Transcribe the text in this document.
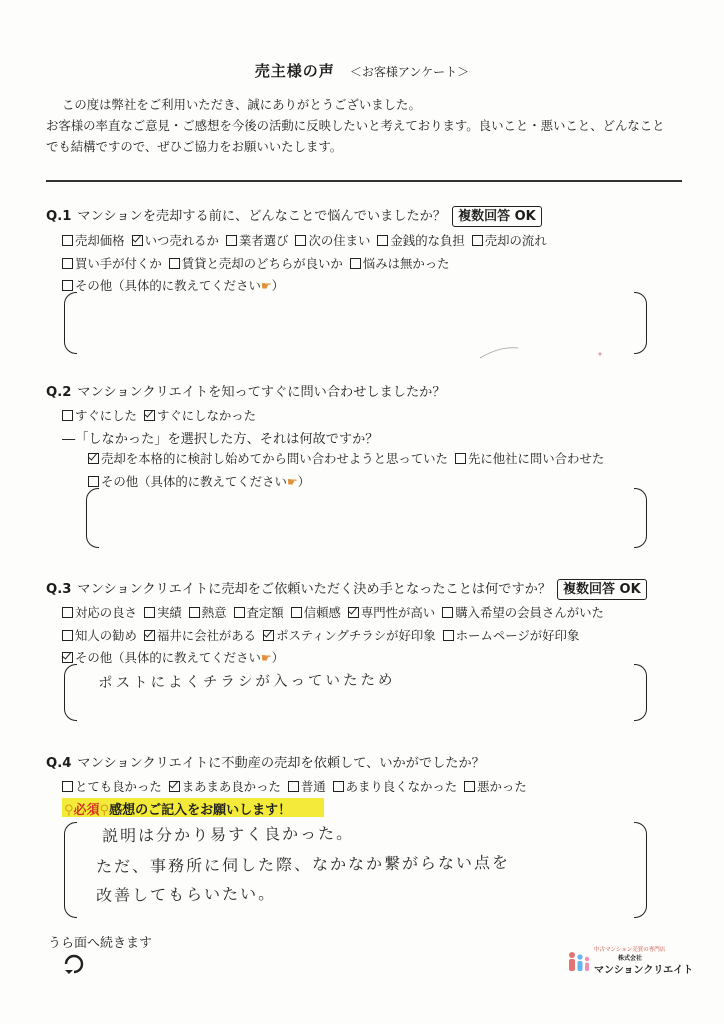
売主様の声 ＜お客様アンケート＞
この度は弊社をご利用いただき、誠にありがとうございました。
お客様の率直なご意見・ご感想を今後の活動に反映したいと考えております。良いこと・悪いこと、どんなこと
でも結構ですので、ぜひご協力をお願いいたします。
Q.1 マンションを売却する前に、どんなことで悩んでいましたか？ 複数回答 OK
売却価格 いつ売れるか 業者選び 次の住まい 金銭的な負担 売却の流れ
買い手が付くか 賃貸と売却のどちらが良いか 悩みは無かった
その他（具体的に教えてください☛）
Q.2 マンションクリエイトを知ってすぐに問い合わせしましたか？
すぐにした すぐにしなかった
―「しなかった」を選択した方、それは何故ですか？
売却を本格的に検討し始めてから問い合わせようと思っていた 先に他社に問い合わせた
その他（具体的に教えてください☛）
Q.3 マンションクリエイトに売却をご依頼いただく決め手となったことは何ですか？ 複数回答 OK
対応の良さ 実績 熱意 査定額 信頼感 専門性が高い 購入希望の会員さんがいた
知人の勧め 福井に会社がある ポスティングチラシが好印象 ホームページが好印象
その他（具体的に教えてください☛）
ポストによくチラシが入っていたため
Q.4 マンションクリエイトに不動産の売却を依頼して、いかがでしたか？
とても良かった まあまあ良かった 普通 あまり良くなかった 悪かった
⚲必須⚲感想のご記入をお願いします！
説明は分かり易すく良かった。
ただ、事務所に伺した際、なかなか繋がらない点を
改善してもらいたい。
うら面へ続きます	中古マンション売買の専門店
株式会社
マンションクリエイト
